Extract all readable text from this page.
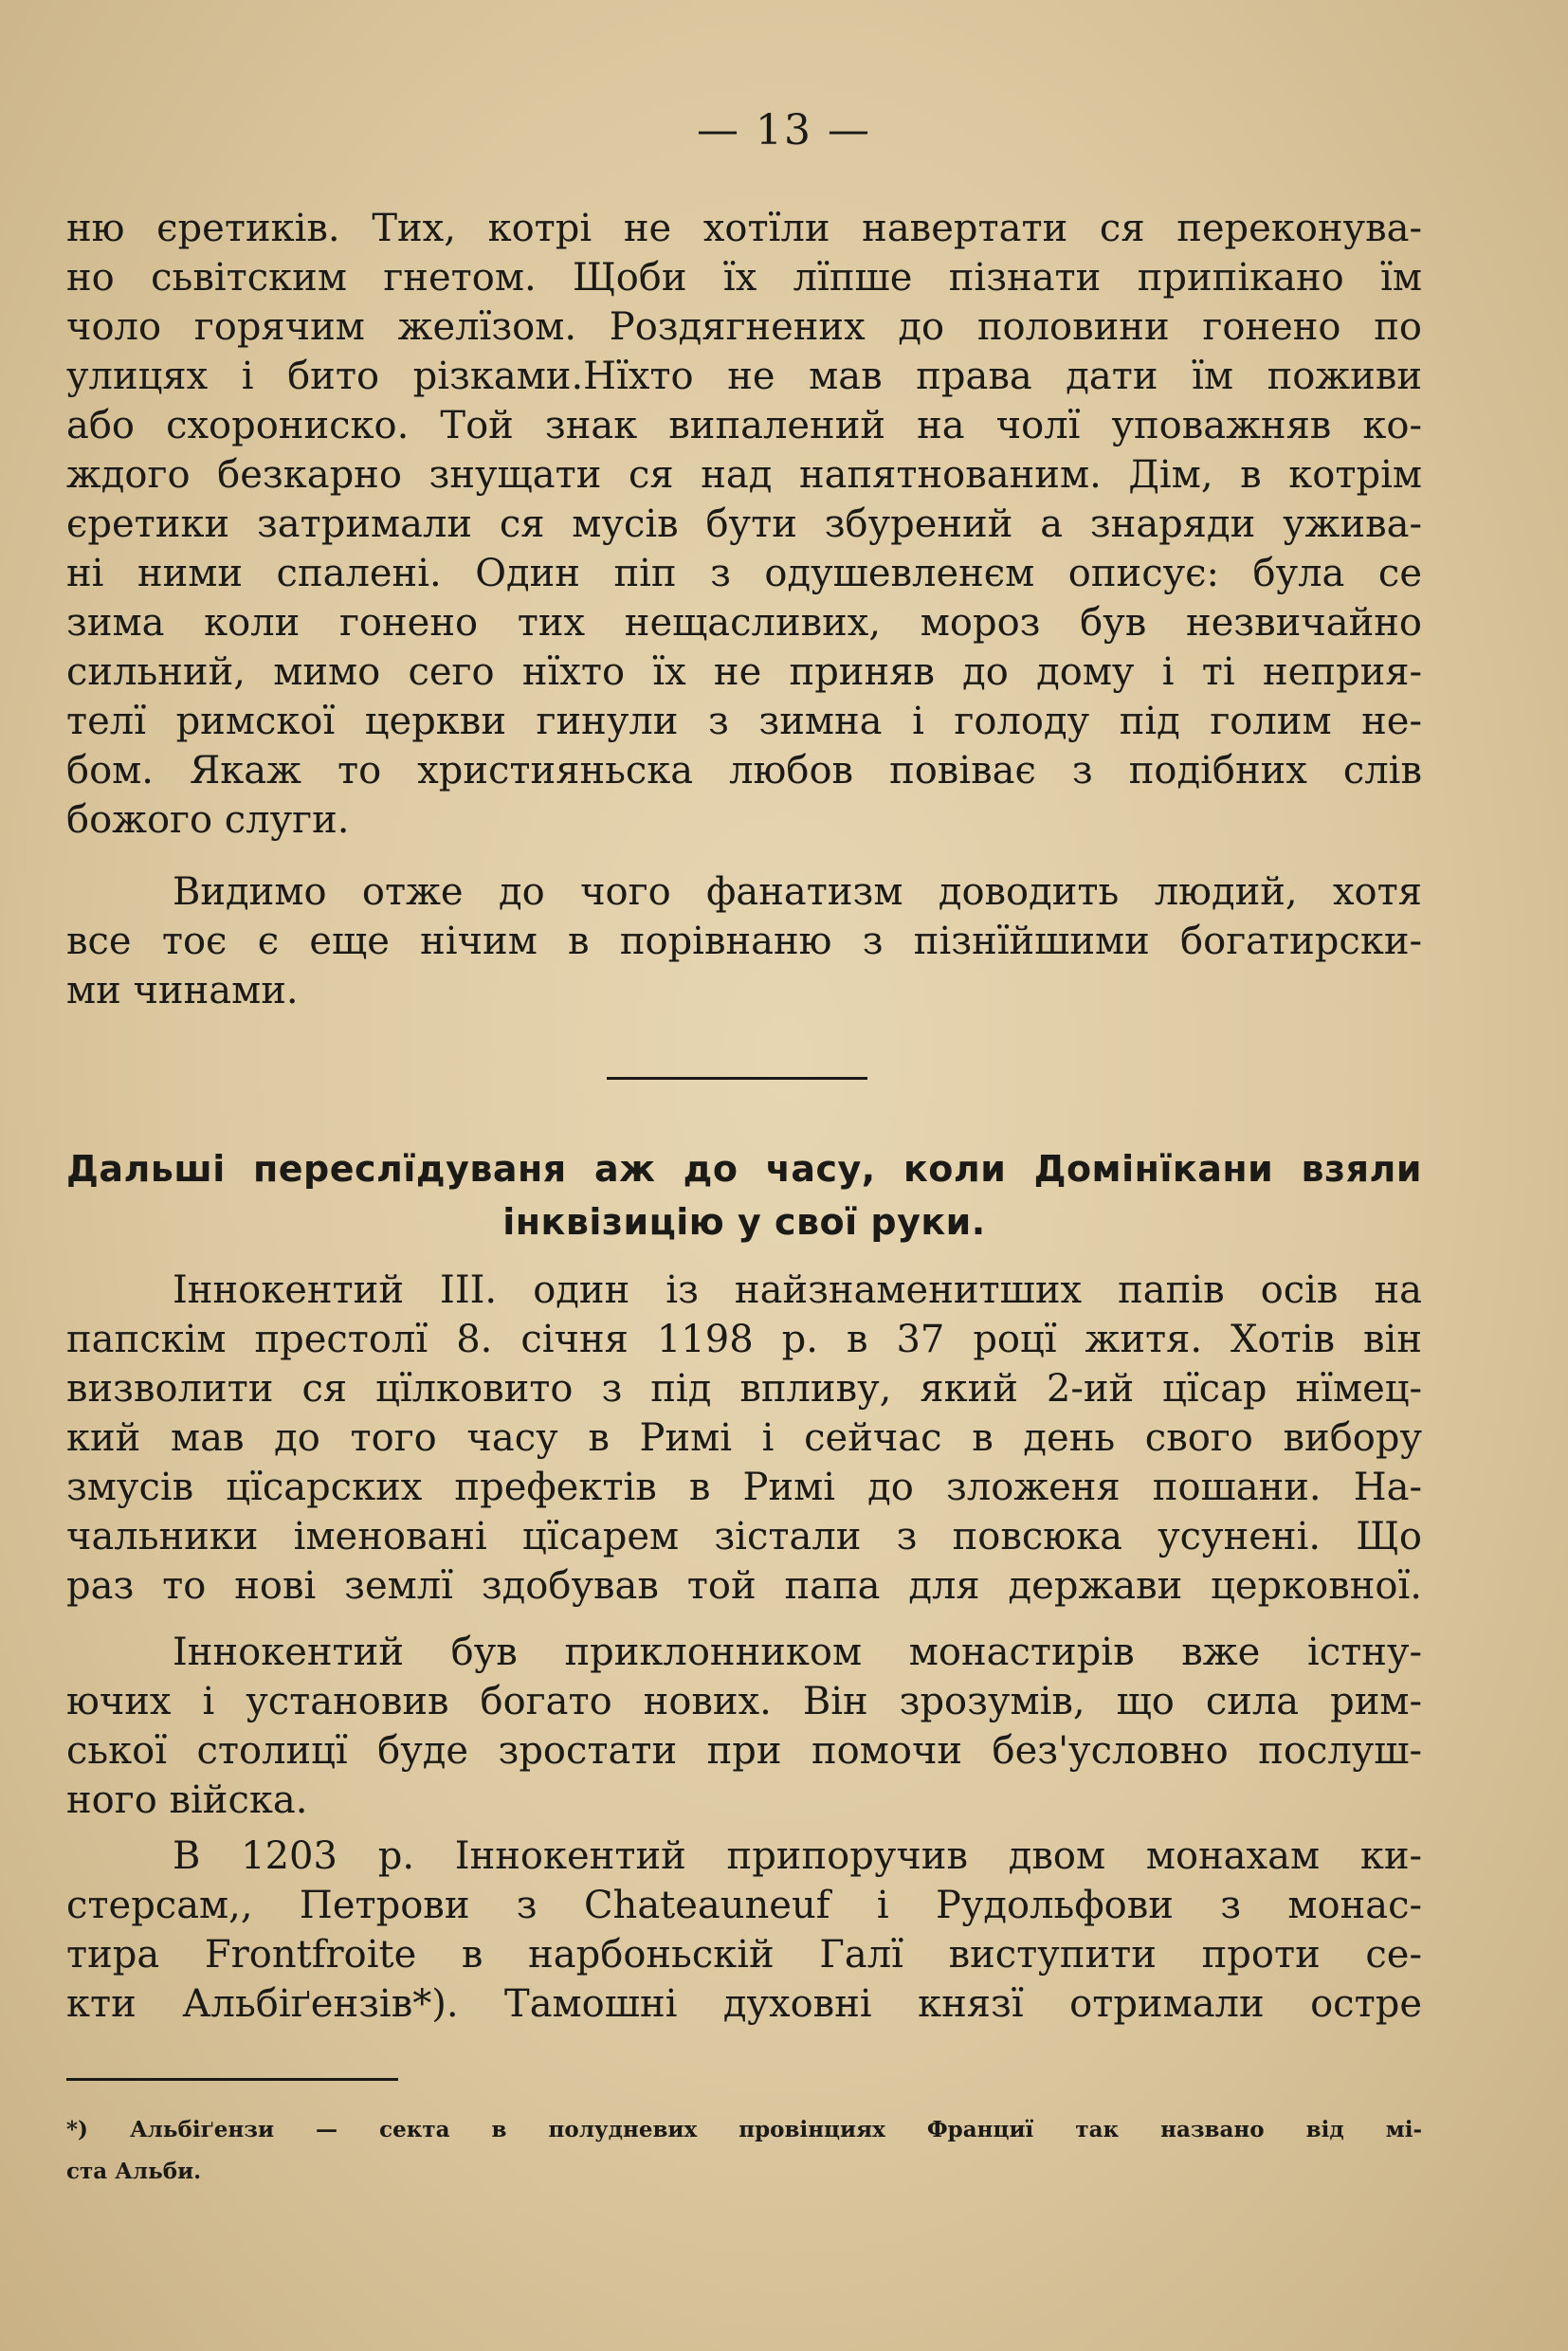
— 13 —
ню єретиків. Тих, котрі не хотїли навертати ся переконува-
но сьвітским гнетом. Щоби їх лїпше пізнати припікано їм
чоло горячим желїзом. Роздягнених до половини гонено по
улицях і бито різками.Нїхто не мав права дати їм поживи
або схорониско. Той знак випалений на чолї уповажняв ко-
ждого безкарно знущати ся над напятнованим. Дім, в котрім
єретики затримали ся мусів бути збурений а знаряди ужива-
ні ними спалені. Один піп з одушевленєм описує: була се
зима коли гонено тих нещасливих, мороз був незвичайно
сильний, мимо сего нїхто їх не приняв до дому і ті неприя-
телї римскої церкви гинули з зимна і голоду під голим не-
бом. Якаж то християньска любов повіває з подібних слів
божого слуги.
Видимо отже до чого фанатизм доводить людий, хотя
все тоє є еще нічим в порівнаню з пізнїйшими богатирски-
ми чинами.
Дальші переслїдуваня аж до часу, коли Домінїкани взяли
інквізицію у свої руки.
Іннокентий III. один із найзнаменитших папів осів на
папскім престолї 8. січня 1198 р. в 37 роцї житя. Хотів він
визволити ся цїлковито з під впливу, який 2-ий цїсар нїмец-
кий мав до того часу в Римі і сейчас в день свого вибору
змусів цїсарских префектів в Римі до зложеня пошани. На-
чальники іменовані цїсарем зістали з повсюка усунені. Що
раз то нові землї здобував той папа для держави церковної.
Іннокентий був приклонником монастирів вже істну-
ючих і установив богато нових. Він зрозумів, що сила рим-
ської столицї буде зростати при помочи без'условно послуш-
ного війска.
В 1203 р. Іннокентий припоручив двом монахам ки-
стерсам,, Петрови з Chateauneuf і Рудольфови з монас-
тира Frontfroite в нарбоньскій Галї виступити проти се-
кти Альбіґензів*). Тамошні духовні князї отримали остре
*) Альбіґензи — секта в полудневих провінциях Франциї так названо від мі-
ста Альби.
